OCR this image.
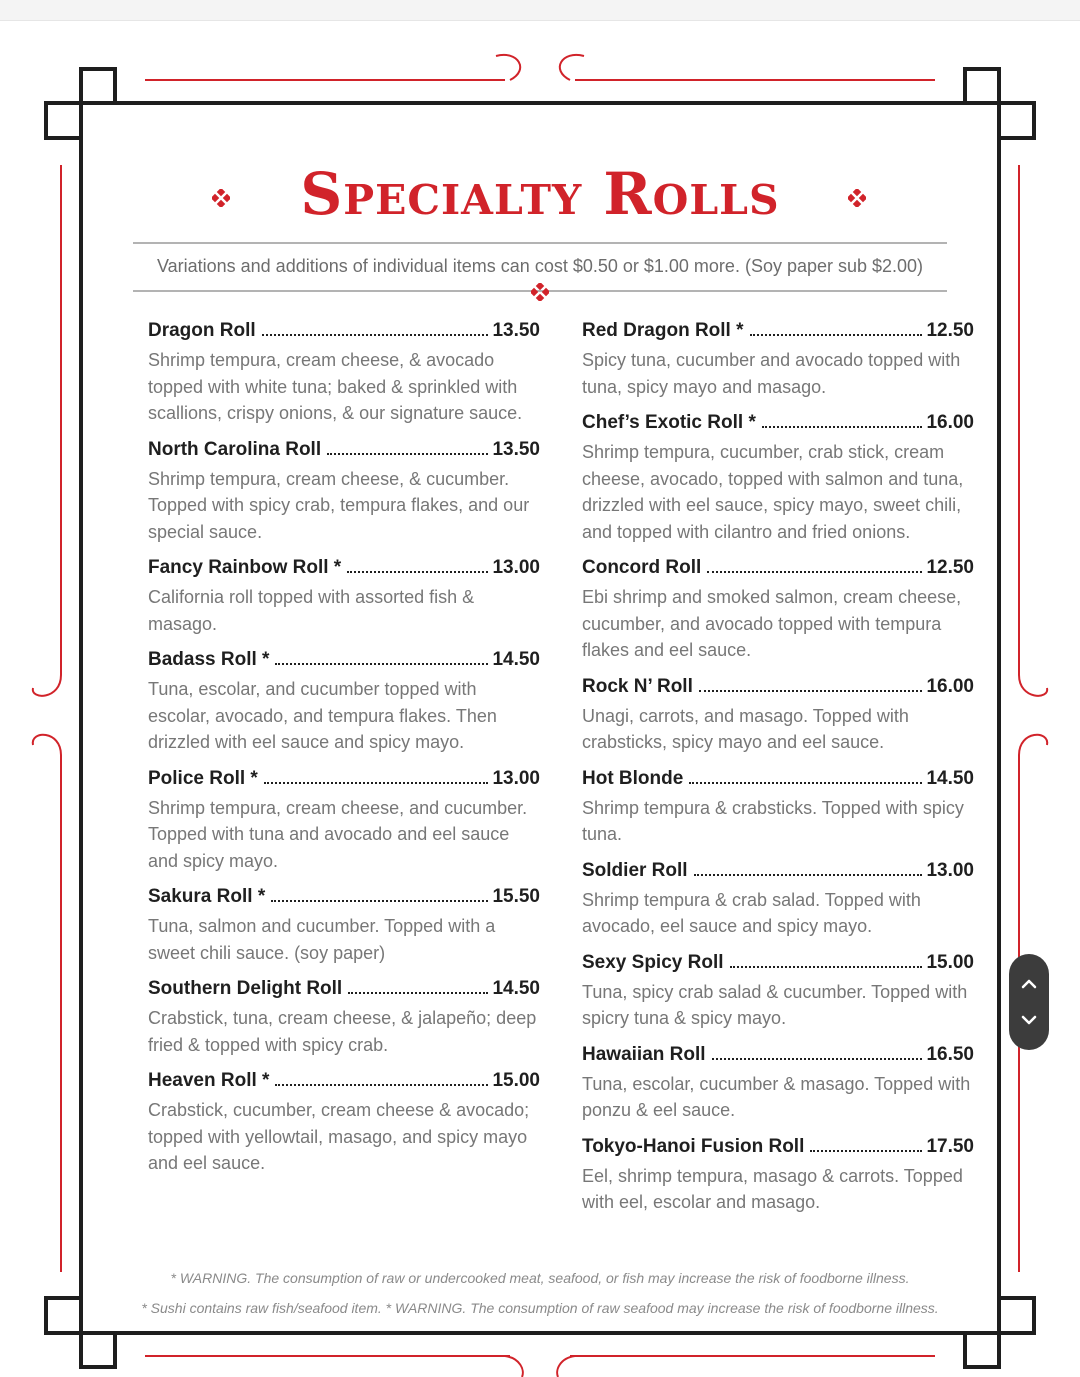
Specialty Rolls
Variations and additions of individual items can cost $0.50 or $1.00 more. (Soy paper sub $2.00)
Dragon Roll	13.50
Shrimp tempura, cream cheese, & avocado topped with white tuna; baked & sprinkled with scallions, crispy onions, & our signature sauce.
North Carolina Roll	13.50
Shrimp tempura, cream cheese, & cucumber. Topped with spicy crab, tempura flakes, and our special sauce.
Fancy Rainbow Roll *	13.00
California roll topped with assorted fish & masago.
Badass Roll *	14.50
Tuna, escolar, and cucumber topped with escolar, avocado, and tempura flakes. Then drizzled with eel sauce and spicy mayo.
Police Roll *	13.00
Shrimp tempura, cream cheese, and cucumber. Topped with tuna and avocado and eel sauce and spicy mayo.
Sakura Roll *	15.50
Tuna, salmon and cucumber. Topped with a sweet chili sauce. (soy paper)
Southern Delight Roll	14.50
Crabstick, tuna, cream cheese, & jalapeño; deep fried & topped with spicy crab.
Heaven Roll *	15.00
Crabstick, cucumber, cream cheese & avocado; topped with yellowtail, masago, and spicy mayo and eel sauce.
Red Dragon Roll *	12.50
Spicy tuna, cucumber and avocado topped with tuna, spicy mayo and masago.
Chef’s Exotic Roll *	16.00
Shrimp tempura, cucumber, crab stick, cream cheese, avocado, topped with salmon and tuna, drizzled with eel sauce, spicy mayo, sweet chili, and topped with cilantro and fried onions.
Concord Roll	12.50
Ebi shrimp and smoked salmon, cream cheese, cucumber, and avocado topped with tempura flakes and eel sauce.
Rock N’ Roll	16.00
Unagi, carrots, and masago. Topped with crabsticks, spicy mayo and eel sauce.
Hot Blonde	14.50
Shrimp tempura & crabsticks. Topped with spicy tuna.
Soldier Roll	13.00
Shrimp tempura & crab salad. Topped with avocado, eel sauce and spicy mayo.
Sexy Spicy Roll	15.00
Tuna, spicy crab salad & cucumber. Topped with spicry tuna & spicy mayo.
Hawaiian Roll	16.50
Tuna, escolar, cucumber & masago. Topped with ponzu & eel sauce.
Tokyo-Hanoi Fusion Roll	17.50
Eel, shrimp tempura, masago & carrots. Topped with eel, escolar and masago.
* WARNING. The consumption of raw or undercooked meat, seafood, or fish may increase the risk of foodborne illness.
* Sushi contains raw fish/seafood item. * WARNING. The consumption of raw seafood may increase the risk of foodborne illness.
